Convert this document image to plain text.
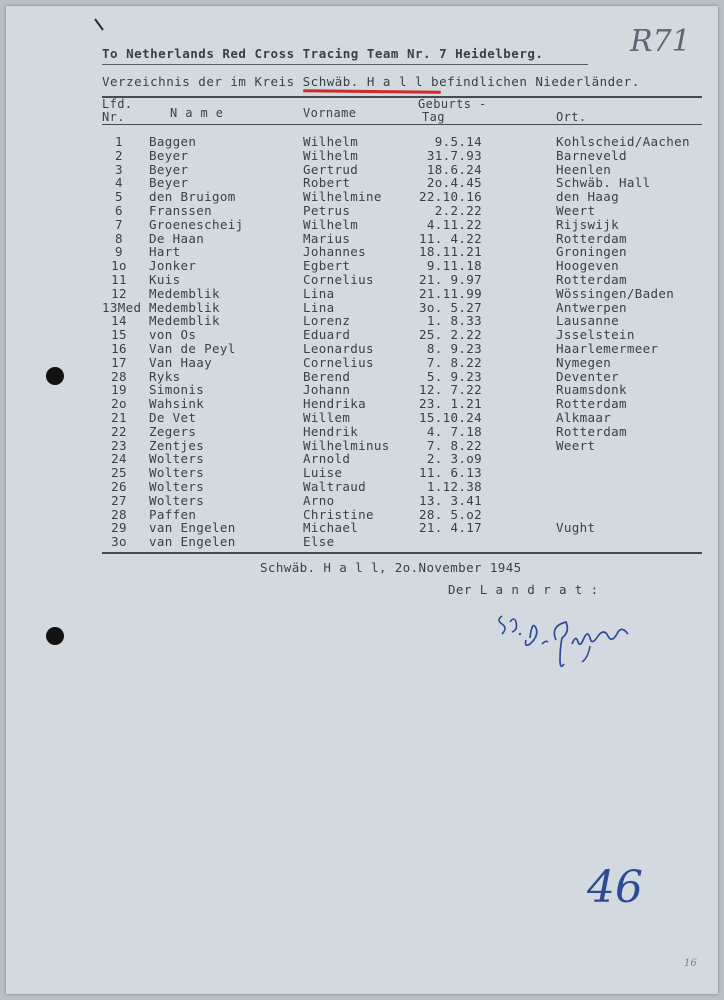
R71
To Netherlands Red Cross Tracing Team Nr. 7 Heidelberg.
Verzeichnis der im Kreis Schwäb. H a l l befindlichen Niederländer.
Lfd.
Nr.	N a m e	Vorname
Geburts -
Tag	Ort.
1	Baggen	Wilhelm	9.5.14	Kohlscheid/Aachen
2	Beyer	Wilhelm	31.7.93	Barneveld
3	Beyer	Gertrud	18.6.24	Heenlen
4	Beyer	Robert	2o.4.45	Schwäb. Hall
5	den Bruigom	Wilhelmine	22.10.16	den Haag
6	Franssen	Petrus	2.2.22	Weert
7	Groenescheij	Wilhelm	4.11.22	Rijswijk
8	De Haan	Marius	11. 4.22	Rotterdam
9	Hart	Johannes	18.11.21	Groningen
1o	Jonker	Egbert	9.11.18	Hoogeven
11	Kuis	Cornelius	21. 9.97	Rotterdam
12	Medemblik	Lina	21.11.99	Wössingen/Baden
13Med Medemblik	Lina	3o. 5.27	Antwerpen
14	Medemblik	Lorenz	1. 8.33	Lausanne
15	von Os	Eduard	25. 2.22	Jsselstein
16	Van de Peyl	Leonardus	8. 9.23	Haarlemermeer
17	Van Haay	Cornelius	7. 8.22	Nymegen
28	Ryks	Berend	5. 9.23	Deventer
19	Simonis	Johann	12. 7.22	Ruamsdonk
2o	Wahsink	Hendrika	23. 1.21	Rotterdam
21	De Vet	Willem	15.10.24	Alkmaar
22	Zegers	Hendrik	4. 7.18	Rotterdam
23	Zentjes	Wilhelminus	7. 8.22	Weert
24	Wolters	Arnold	2. 3.o9
25	Wolters	Luise	11. 6.13
26	Wolters	Waltraud	1.12.38
27	Wolters	Arno	13. 3.41
28	Paffen	Christine	28. 5.o2
29	van Engelen	Michael	21. 4.17	Vught
3o	van Engelen	Else
Schwäb. H a l l, 2o.November 1945
Der L a n d r a t :
46
16
